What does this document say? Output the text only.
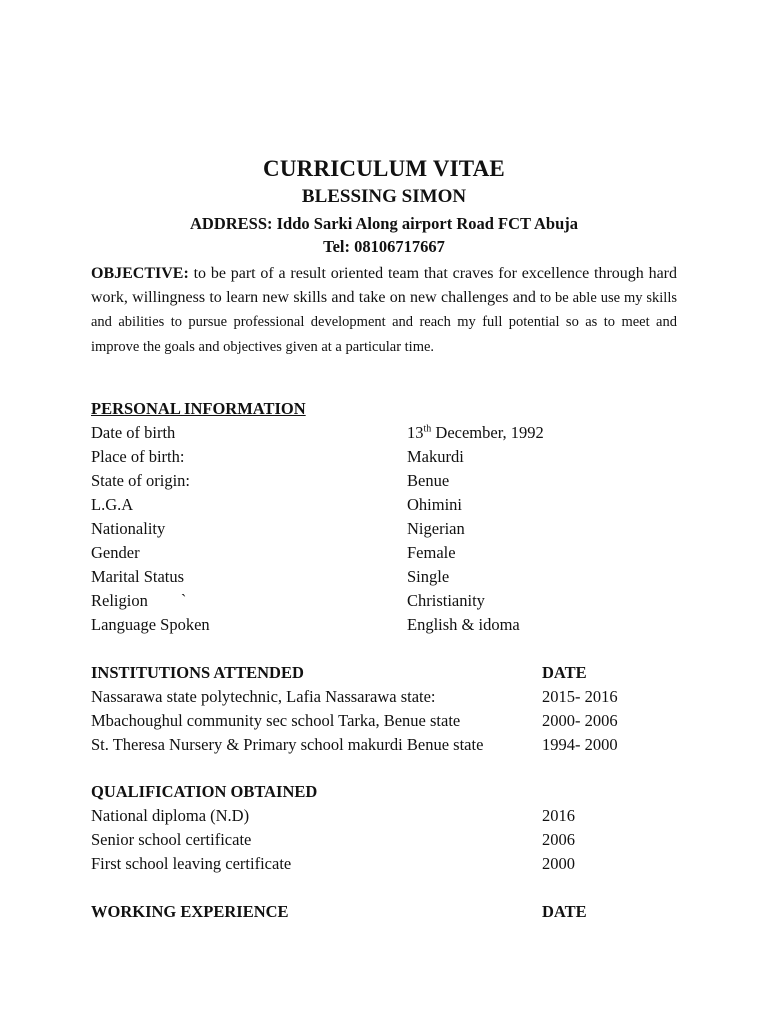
CURRICULUM VITAE
BLESSING SIMON
ADDRESS: Iddo Sarki Along airport Road FCT Abuja
Tel: 08106717667
OBJECTIVE: to be part of a result oriented team that craves for excellence through hard work, willingness to learn new skills and take on new challenges and to be able use my skills and abilities to pursue professional development and reach my full potential so as to meet and improve the goals and objectives given at a particular time.
PERSONAL INFORMATION
Date of birth	13th December, 1992
Place of birth:	Makurdi
State of origin:	Benue
L.G.A	Ohimini
Nationality	Nigerian
Gender	Female
Marital Status	Single
Religion        `	Christianity
Language Spoken	English & idoma
INSTITUTIONS ATTENDED	DATE
Nassarawa state polytechnic, Lafia Nassarawa state:	2015- 2016
Mbachoughul community sec school Tarka, Benue state	2000- 2006
St. Theresa Nursery & Primary school makurdi Benue state	1994- 2000
QUALIFICATION OBTAINED
National diploma (N.D)	2016
Senior school certificate	2006
First school leaving certificate	2000
WORKING EXPERIENCE	DATE
